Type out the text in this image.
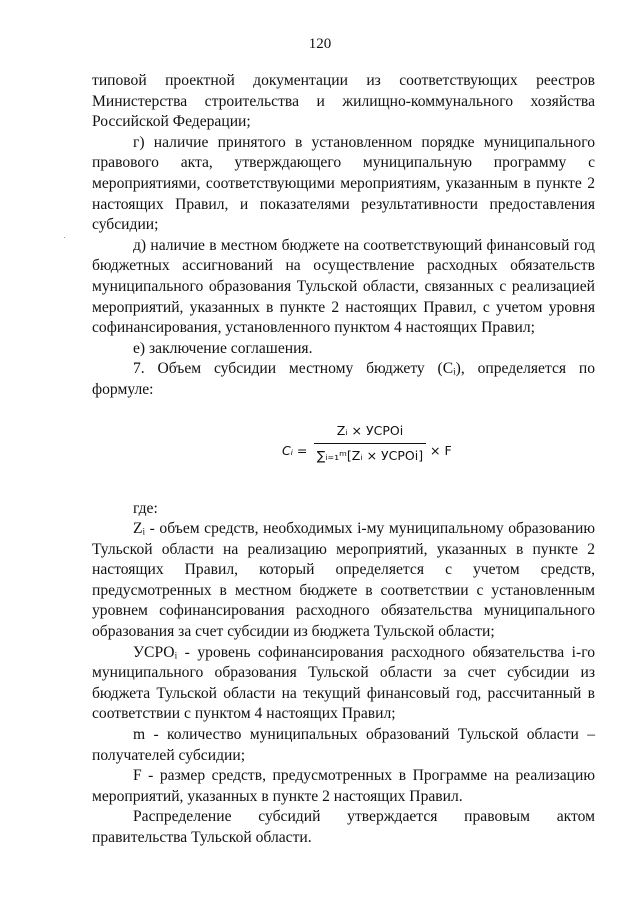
120

типовой проектной документации из соответствующих реестров Министерства строительства и жилищно-коммунального хозяйства Российской Федерации;

г) наличие принятого в установленном порядке муниципального правового акта, утверждающего муниципальную программу с мероприятиями, соответствующими мероприятиям, указанным в пункте 2 настоящих Правил, и показателями результативности предоставления субсидии;

д) наличие в местном бюджете на соответствующий финансовый год бюджетных ассигнований на осуществление расходных обязательств муниципального образования Тульской области, связанных с реализацией мероприятий, указанных в пункте 2 настоящих Правил, с учетом уровня софинансирования, установленного пунктом 4 настоящих Правил;

е) заключение соглашения.

7. Объем субсидии местному бюджету (Cᵢ), определяется по формуле:

Cᵢ =
Zᵢ × УСРОi
∑ᵢ₌₁ᵐ[Zᵢ × УСРОi] × F

где:

Zᵢ - объем средств, необходимых i-му муниципальному образованию Тульской области на реализацию мероприятий, указанных в пункте 2 настоящих Правил, который определяется с учетом средств, предусмотренных в местном бюджете в соответствии с установленным уровнем софинансирования расходного обязательства муниципального образования за счет субсидии из бюджета Тульской области;

УСРОᵢ - уровень софинансирования расходного обязательства i-го муниципального образования Тульской области за счет субсидии из бюджета Тульской области на текущий финансовый год, рассчитанный в соответствии с пунктом 4 настоящих Правил;

m - количество муниципальных образований Тульской области – получателей субсидии;

F - размер средств, предусмотренных в Программе на реализацию мероприятий, указанных в пункте 2 настоящих Правил.

Распределение субсидий утверждается правовым актом правительства Тульской области.
